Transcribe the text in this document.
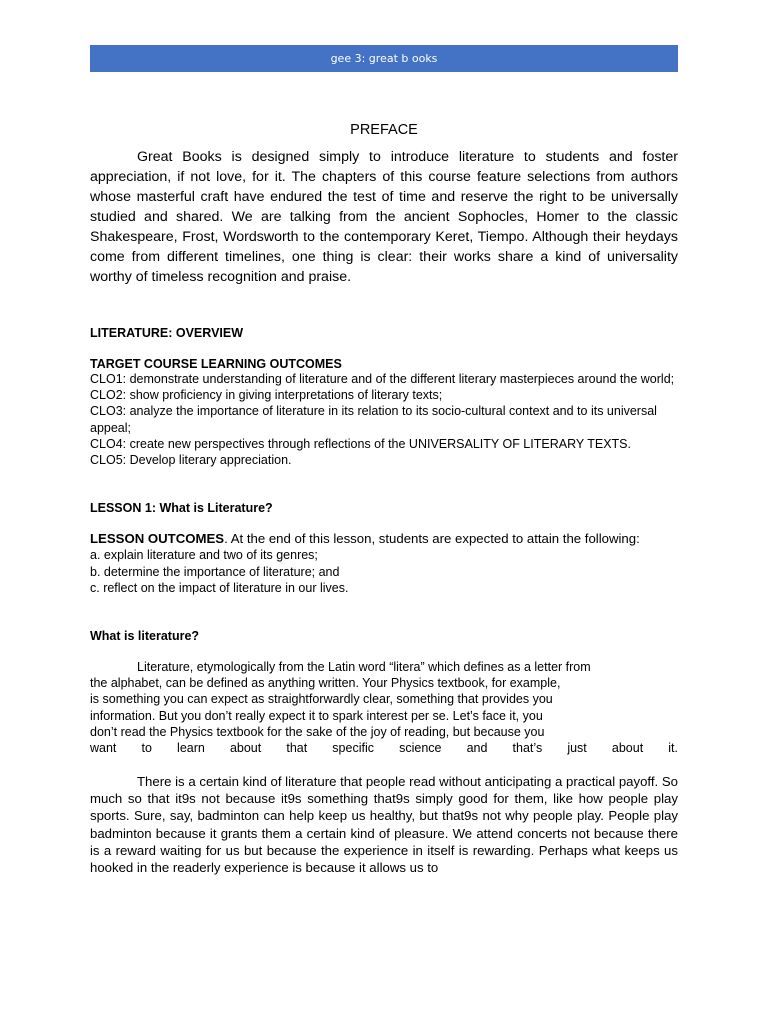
gee 3: great b ooks
PREFACE

Great Books is designed simply to introduce literature to students and foster appreciation, if not love, for it. The chapters of this course feature selections from authors whose masterful craft have endured the test of time and reserve the right to be universally studied and shared. We are talking from the ancient Sophocles, Homer to the classic Shakespeare, Frost, Wordsworth to the contemporary Keret, Tiempo. Although their heydays come from different timelines, one thing is clear: their works share a kind of universality worthy of timeless recognition and praise.

LITERATURE: OVERVIEW
TARGET COURSE LEARNING OUTCOMES
CLO1: demonstrate understanding of literature and of the different literary masterpieces around the world;
CLO2: show proficiency in giving interpretations of literary texts;
CLO3: analyze the importance of literature in its relation to its socio-cultural context and to its universal appeal;
CLO4: create new perspectives through reflections of the UNIVERSALITY OF LITERARY TEXTS.
CLO5: Develop literary appreciation.
LESSON 1: What is Literature?
LESSON OUTCOMES. At the end of this lesson, students are expected to attain the following:
a. explain literature and two of its genres;
b. determine the importance of literature; and
c. reflect on the impact of literature in our lives.
What is literature?
Literature, etymologically from the Latin word “litera” which defines as a letter from
the alphabet, can be defined as anything written. Your Physics textbook, for example,
is something you can expect as straightforwardly clear, something that provides you
information. But you don’t really expect it to spark interest per se. Let’s face it, you
don’t read the Physics textbook for the sake of the joy of reading, but because you
want to learn about that specific science and that’s just about it.

There is a certain kind of literature that people read without anticipating a practical payoff. So much so that it9s not because it9s something that9s simply good for them, like how people play sports. Sure, say, badminton can help keep us healthy, but that9s not why people play. People play badminton because it grants them a certain kind of pleasure. We attend concerts not because there is a reward waiting for us but because the experience in itself is rewarding. Perhaps what keeps us hooked in the readerly experience is because it allows us to
